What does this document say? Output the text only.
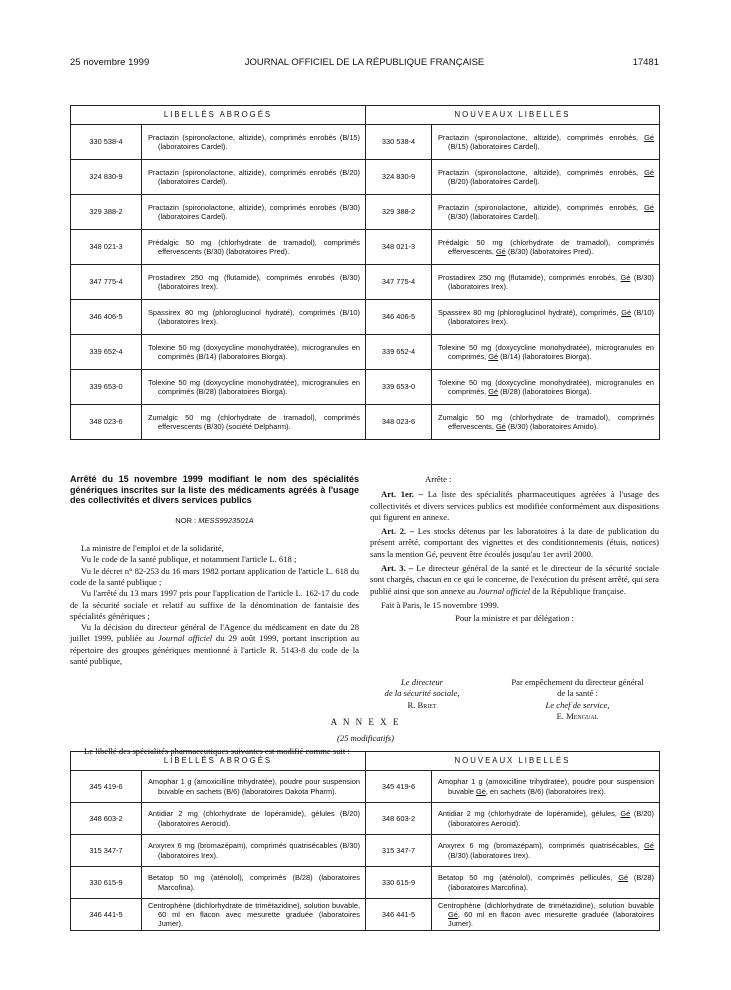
25 novembre 1999	JOURNAL OFFICIEL DE LA RÉPUBLIQUE FRANÇAISE	17481
LIBELLÉS ABROGÉS		NOUVEAUX LIBELLÉS	
330 538-4	Practazin (spironolactone, altizide), comprimés enrobés (B/15) (laboratoires Cardel).	330 538-4	Practazin (spironolactone, altizide), comprimés enrobés, Gé (B/15) (laboratoires Cardel).

324 830-9	Practazin (spironolactone, altizide), comprimés enrobés (B/20) (laboratoires Cardel).	324 830-9	Practazin (spironolactone, altizide), comprimés enrobés, Gé (B/20) (laboratoires Cardel).

329 388-2	Practazin (spironolactone, altizide), comprimés enrobés (B/30) (laboratoires Cardel).	329 388-2	Practazin (spironolactone, altizide), comprimés enrobés, Gé (B/30) (laboratoires Cardel).

348 021-3	Prédalgic 50 mg (chlorhydrate de tramadol), comprimés effervescents (B/30) (laboratoires Pred).	348 021-3	Prédalgic 50 mg (chlorhydrate de tramadol), comprimés effervescents, Gé (B/30) (laboratoires Pred).

347 775-4	Prostadirex 250 mg (flutamide), comprimés enrobés (B/30) (laboratoires Irex).	347 775-4	Prostadirex 250 mg (flutamide), comprimés enrobés, Gé (B/30) (laboratoires Irex).

346 406-5	Spassirex 80 mg (phloroglucinol hydraté), comprimés (B/10) (laboratoires Irex).	346 406-5	Spassirex 80 mg (phloroglucinol hydraté), comprimés, Gé (B/10) (laboratoires Irex).

339 652-4	Tolexine 50 mg (doxycycline monohydratée), microgranules en comprimés (B/14) (laboratoires Biorga).	339 652-4	Tolexine 50 mg (doxycycline monohydratée), microgranules en comprimés, Gé (B/14) (laboratoires Biorga).

339 653-0	Tolexine 50 mg (doxycycline monohydratée), microgranules en comprimés (B/28) (laboratoires Biorga).	339 653-0	Tolexine 50 mg (doxycycline monohydratée), microgranules en comprimés, Gé (B/28) (laboratoires Biorga).

348 023-6	Zumalgic 50 mg (chlorhydrate de tramadol), comprimés effervescents (B/30) (société Delpharm).	348 023-6	Zumalgic 50 mg (chlorhydrate de tramadol), comprimés effervescents, Gé (B/30) (laboratoires Amido).

Arrêté du 15 novembre 1999 modifiant le nom des spécialités génériques inscrites sur la liste des médicaments agréés à l'usage des collectivités et divers services publics

NOR : MESS9923501A

La ministre de l'emploi et de la solidarité,

Vu le code de la santé publique, et notamment l'article L. 618 ;

Vu le décret n° 82-253 du 16 mars 1982 portant application de l'article L. 618 du code de la santé publique ;

Vu l'arrêté du 13 mars 1997 pris pour l'application de l'article L. 162-17 du code de la sécurité sociale et relatif au suffixe de la dénomination de fantaisie des spécialités génériques ;

Vu la décision du directeur général de l'Agence du médicament en date du 28 juillet 1999, publiée au Journal officiel du 29 août 1999, portant inscription au répertoire des groupes génériques mentionné à l'article R. 5143-8 du code de la santé publique,

Arrête :

Art. 1er. – La liste des spécialités pharmaceutiques agréées à l'usage des collectivités et divers services publics est modifiée conformément aux dispositions qui figurent en annexe.

Art. 2. – Les stocks détenus par les laboratoires à la date de publication du présent arrêté, comportant des vignettes et des conditionnements (étuis, notices) sans la mention Gé, peuvent être écoulés jusqu'au 1er avril 2000.

Art. 3. – Le directeur général de la santé et le directeur de la sécurité sociale sont chargés, chacun en ce qui le concerne, de l'exécution du présent arrêté, qui sera publié ainsi que son annexe au Journal officiel de la République française.

Fait à Paris, le 15 novembre 1999.

Pour la ministre et par délégation :

Le directeur
de la sécurité sociale,
R. Briet
Par empêchement du directeur général
de la santé :
Le chef de service,
E. Mengual
A N N E X E
(25 modificatifs)
Le libellé des spécialités pharmaceutiques suivantes est modifié comme suit :
LIBELLÉS ABROGÉS		NOUVEAUX LIBELLÉS	
345 419-6	Amophar 1 g (amoxicilline trihydratée), poudre pour suspension buvable en sachets (B/6) (laboratoires Dakota Pharm).	345 419-6	Amophar 1 g (amoxicilline trihydratée), poudre pour suspension buvable Gé, en sachets (B/6) (laboratoires Irex).

348 603-2	Antidiar 2 mg (chlorhydrate de lopéramide), gélules (B/20) (laboratoires Aerocid).	348 603-2	Antidiar 2 mg (chlorhydrate de lopéramide), gélules, Gé (B/20) (laboratoires Aerocid).

315 347-7	Anxyrex 6 mg (bromazépam), comprimés quatrisécables (B/30) (laboratoires Irex).	315 347-7	Anxyrex 6 mg (bromazépam), comprimés quatrisécables, Gé (B/30) (laboratoires Irex).

330 615-9	Betatop 50 mg (aténolol), comprimés (B/28) (laboratoires Marcofina).	330 615-9	Betatop 50 mg (aténolol), comprimés pelliculés, Gé (B/28) (laboratoires Marcofina).

346 441-5	Centrophène (dichlorhydrate de trimétazidine), solution buvable, 60 ml en flacon avec mesurette graduée (laboratoires Jumer).	346 441-5	Centrophène (dichlorhydrate de trimétazidine), solution buvable Gé, 60 ml en flacon avec mesurette graduée (laboratoires Jumer).
